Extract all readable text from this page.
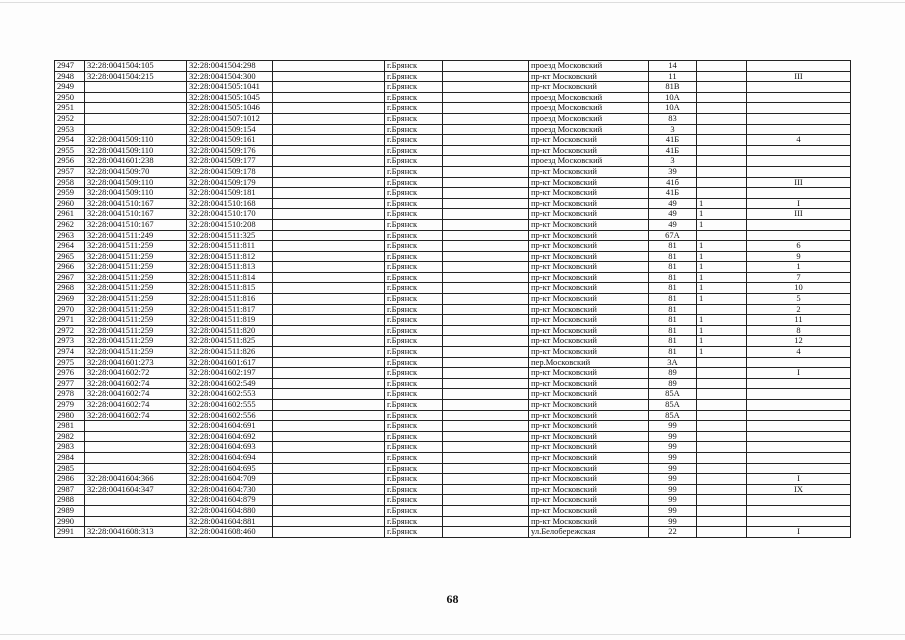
2947	32:28:0041504:105	32:28:0041504:298		г.Брянск		проезд Московский	14		
2948	32:28:0041504:215	32:28:0041504:300		г.Брянск		пр-кт Московский	11		III
2949		32:28:0041505:1041		г.Брянск		пр-кт Московский	81В		
2950		32:28:0041505:1045		г.Брянск		проезд Московский	10А		
2951		32:28:0041505:1046		г.Брянск		проезд Московский	10А		
2952		32:28:0041507:1012		г.Брянск		проезд Московский	83		
2953		32:28:0041509:154		г.Брянск		проезд Московский	3		
2954	32:28:0041509:110	32:28:0041509:161		г.Брянск		пр-кт Московский	41Б		4
2955	32:28:0041509:110	32:28:0041509:176		г.Брянск		пр-кт Московский	41Б		
2956	32:28:0041601:238	32:28:0041509:177		г.Брянск		проезд Московский	3		
2957	32:28:0041509:70	32:28:0041509:178		г.Брянск		пр-кт Московский	39		
2958	32:28:0041509:110	32:28:0041509:179		г.Брянск		пр-кт Московский	41б		III
2959	32:28:0041509:110	32:28:0041509:181		г.Брянск		пр-кт Московский	41Б		
2960	32:28:0041510:167	32:28:0041510:168		г.Брянск		пр-кт Московский	49	1	I
2961	32:28:0041510:167	32:28:0041510:170		г.Брянск		пр-кт Московский	49	1	III
2962	32:28:0041510:167	32:28:0041510:208		г.Брянск		пр-кт Московский	49	1	
2963	32:28:0041511:249	32:28:0041511:325		г.Брянск		пр-кт Московский	67А		
2964	32:28:0041511:259	32:28:0041511:811		г.Брянск		пр-кт Московский	81	1	6
2965	32:28:0041511:259	32:28:0041511:812		г.Брянск		пр-кт Московский	81	1	9
2966	32:28:0041511:259	32:28:0041511:813		г.Брянск		пр-кт Московский	81	1	1
2967	32:28:0041511:259	32:28:0041511:814		г.Брянск		пр-кт Московский	81	1	7
2968	32:28:0041511:259	32:28:0041511:815		г.Брянск		пр-кт Московский	81	1	10
2969	32:28:0041511:259	32:28:0041511:816		г.Брянск		пр-кт Московский	81	1	5
2970	32:28:0041511:259	32:28:0041511:817		г.Брянск		пр-кт Московский	81		2
2971	32:28:0041511:259	32:28:0041511:819		г.Брянск		пр-кт Московский	81	1	11
2972	32:28:0041511:259	32:28:0041511:820		г.Брянск		пр-кт Московский	81	1	8
2973	32:28:0041511:259	32:28:0041511:825		г.Брянск		пр-кт Московский	81	1	12
2974	32:28:0041511:259	32:28:0041511:826		г.Брянск		пр-кт Московский	81	1	4
2975	32:28:0041601:273	32:28:0041601:617		г.Брянск		пер.Московский	3А		
2976	32:28:0041602:72	32:28:0041602:197		г.Брянск		пр-кт Московский	89		I
2977	32:28:0041602:74	32:28:0041602:549		г.Брянск		пр-кт Московский	89		
2978	32:28:0041602:74	32:28:0041602:553		г.Брянск		пр-кт Московский	85А		
2979	32:28:0041602:74	32:28:0041602:555		г.Брянск		пр-кт Московский	85А		
2980	32:28:0041602:74	32:28:0041602:556		г.Брянск		пр-кт Московский	85А		
2981		32:28:0041604:691		г.Брянск		пр-кт Московский	99		
2982		32:28:0041604:692		г.Брянск		пр-кт Московский	99		
2983		32:28:0041604:693		г.Брянск		пр-кт Московский	99		
2984		32:28:0041604:694		г.Брянск		пр-кт Московский	99		
2985		32:28:0041604:695		г.Брянск		пр-кт Московский	99		
2986	32:28:0041604:366	32:28:0041604:709		г.Брянск		пр-кт Московский	99		I
2987	32:28:0041604:347	32:28:0041604:730		г.Брянск		пр-кт Московский	99		IX
2988		32:28:0041604:879		г.Брянск		пр-кт Московский	99		
2989		32:28:0041604:880		г.Брянск		пр-кт Московский	99		
2990		32:28:0041604:881		г.Брянск		пр-кт Московский	99		
2991	32:28:0041608:313	32:28:0041608:460		г.Брянск		ул.Белобережская	22		I
68
